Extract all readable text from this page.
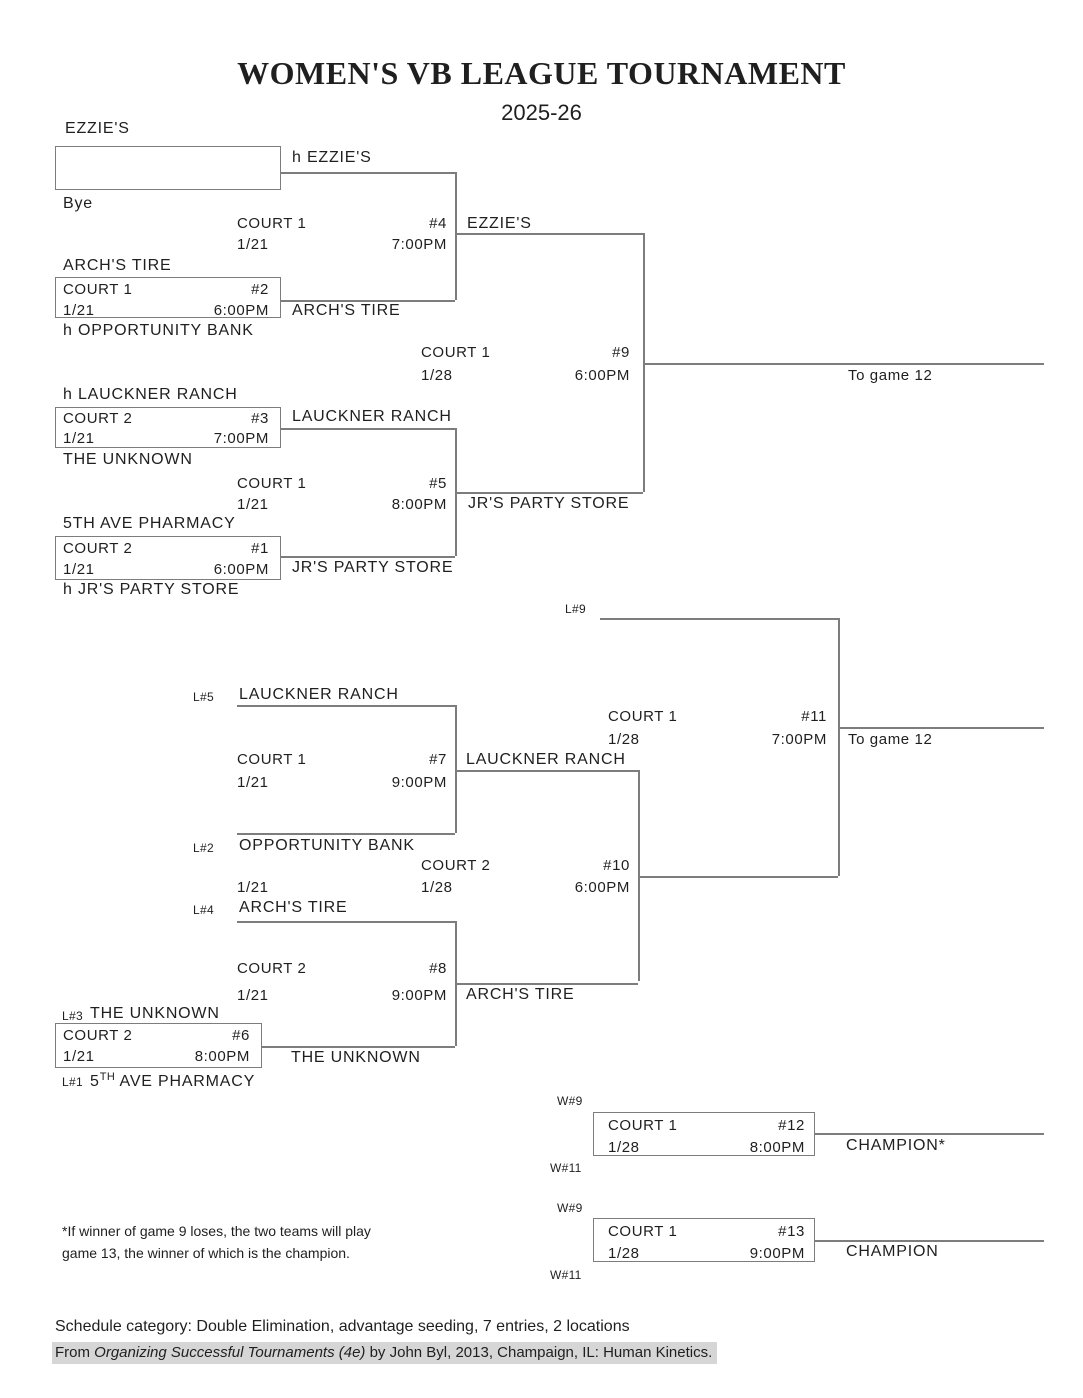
WOMEN'S VB LEAGUE TOURNAMENT
2025-26
EZZIE'S
h EZZIE'S
Bye
ARCH'S TIRE
h OPPORTUNITY BANK
h LAUCKNER RANCH
THE UNKNOWN
5TH AVE PHARMACY
h JR'S PARTY STORE
EZZIE'S
ARCH'S TIRE
LAUCKNER RANCH
JR'S PARTY STORE
JR'S PARTY STORE
LAUCKNER RANCH
ARCH'S TIRE
THE UNKNOWN
COURT 1	#2
1/21	6:00PM
COURT 2	#3
1/21	7:00PM
COURT 2	#1
1/21	6:00PM
COURT 1	#4
1/21	7:00PM
COURT 1	#5
1/21	8:00PM
COURT 1	#9
1/28	6:00PM
COURT 1	#7
1/21	9:00PM
COURT 2	#10
1/21	1/28	6:00PM
COURT 2	#8
1/21	9:00PM
COURT 2	#6
1/21	8:00PM
COURT 1	#11
1/28	7:00PM
COURT 1	#12
1/28	8:00PM
COURT 1	#13
1/28	9:00PM
To game 12
To game 12
L#9
L#5 LAUCKNER RANCH
L#2 OPPORTUNITY BANK
L#4 ARCH'S TIRE
L#3 THE UNKNOWN
L#1 5TH AVE PHARMACY
W#9
W#11
CHAMPION*
W#9
W#11
CHAMPION
*If winner of game 9 loses, the two teams will play
game 13, the winner of which is the champion.
Schedule category: Double Elimination, advantage seeding, 7 entries, 2 locations
From Organizing Successful Tournaments (4e) by John Byl, 2013, Champaign, IL: Human Kinetics.
